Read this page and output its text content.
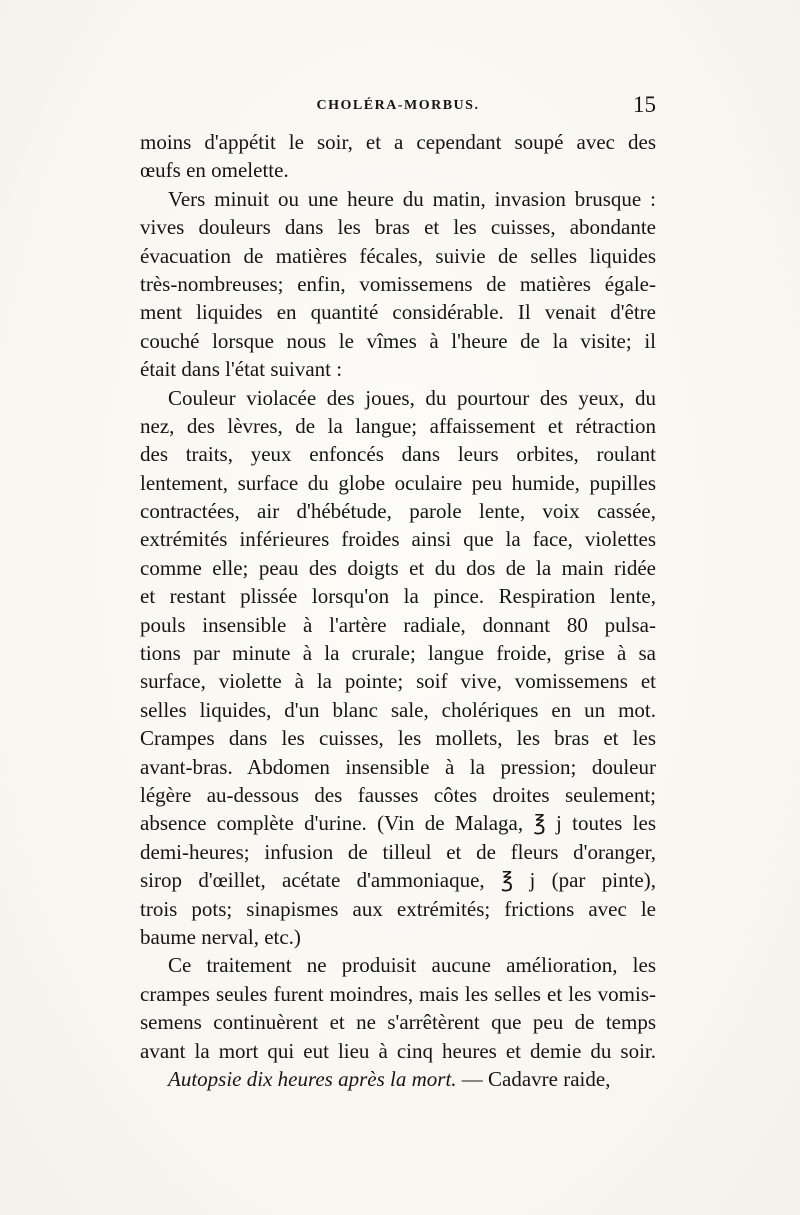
CHOLÉRA-MORBUS.	15
moins d'appétit le soir, et a cependant soupé avec des
œufs en omelette.
Vers minuit ou une heure du matin, invasion brusque :
vives douleurs dans les bras et les cuisses, abondante
évacuation de matières fécales, suivie de selles liquides
très-nombreuses; enfin, vomissemens de matières égale-
ment liquides en quantité considérable. Il venait d'être
couché lorsque nous le vîmes à l'heure de la visite; il
était dans l'état suivant :
Couleur violacée des joues, du pourtour des yeux, du
nez, des lèvres, de la langue; affaissement et rétraction
des traits, yeux enfoncés dans leurs orbites, roulant
lentement, surface du globe oculaire peu humide, pupilles
contractées, air d'hébétude, parole lente, voix cassée,
extrémités inférieures froides ainsi que la face, violettes
comme elle; peau des doigts et du dos de la main ridée
et restant plissée lorsqu'on la pince. Respiration lente,
pouls insensible à l'artère radiale, donnant 80 pulsa-
tions par minute à la crurale; langue froide, grise à sa
surface, violette à la pointe; soif vive, vomissemens et
selles liquides, d'un blanc sale, cholériques en un mot.
Crampes dans les cuisses, les mollets, les bras et les
avant-bras. Abdomen insensible à la pression; douleur
légère au-dessous des fausses côtes droites seulement;
absence complète d'urine. (Vin de Malaga, ℥ j toutes les
demi-heures; infusion de tilleul et de fleurs d'oranger,
sirop d'œillet, acétate d'ammoniaque, ℥ j (par pinte),
trois pots; sinapismes aux extrémités; frictions avec le
baume nerval, etc.)
Ce traitement ne produisit aucune amélioration, les
crampes seules furent moindres, mais les selles et les vomis-
semens continuèrent et ne s'arrêtèrent que peu de temps
avant la mort qui eut lieu à cinq heures et demie du soir.
Autopsie dix heures après la mort. — Cadavre raide,
